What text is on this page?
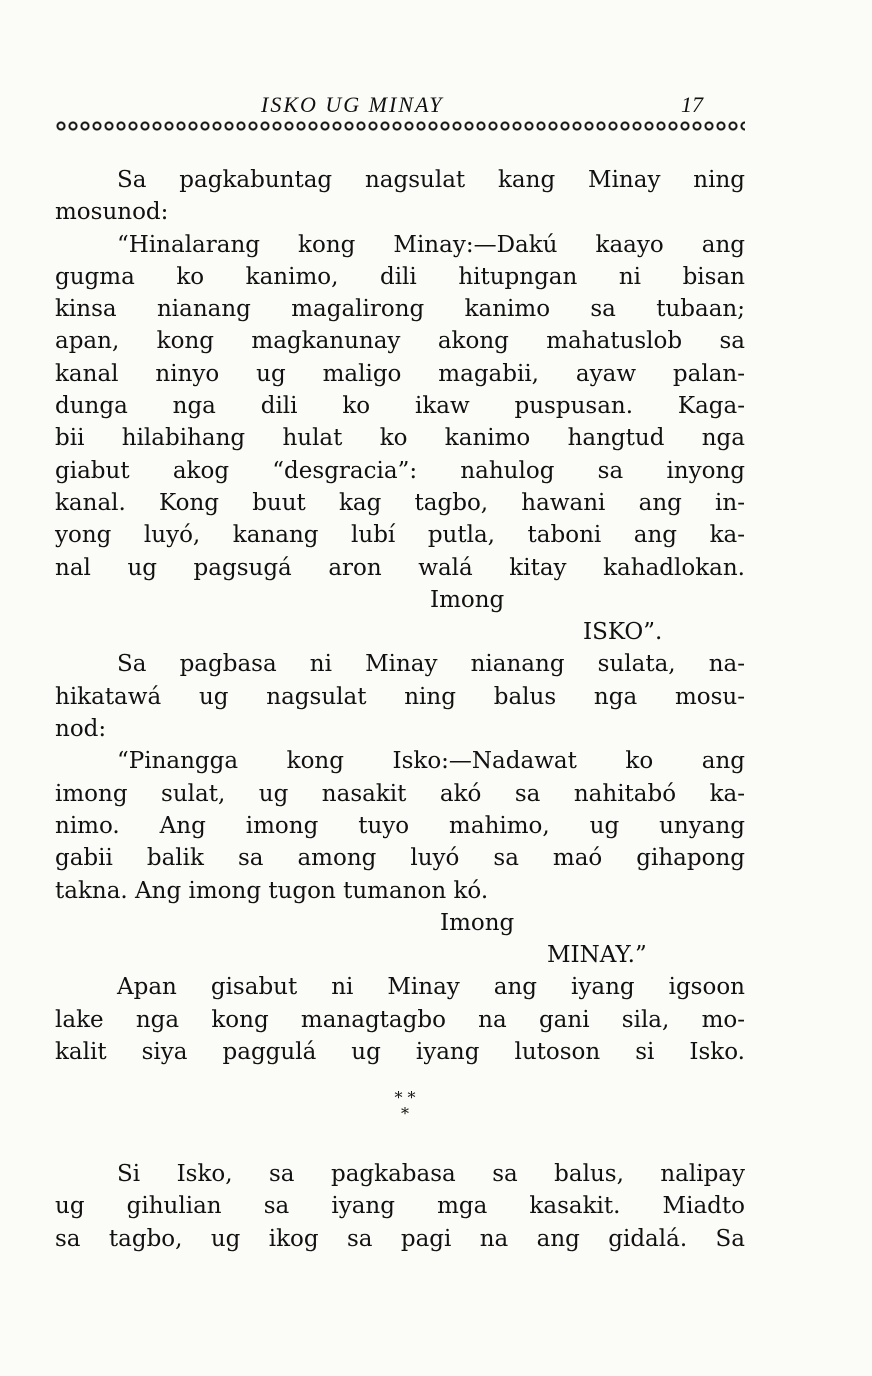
ISKO UG MINAY	17
Sa pagkabuntag nagsulat kang Minay ning
mosunod:
“Hinalarang kong Minay:—Dakú kaayo ang
gugma ko kanimo, dili hitupngan ni bisan
kinsa nianang magalirong kanimo sa tubaan;
apan, kong magkanunay akong mahatuslob sa
kanal ninyo ug maligo magabii, ayaw palan-
dunga nga dili ko ikaw puspusan. Kaga-
bii hilabihang hulat ko kanimo hangtud nga
giabut akog “desgracia”: nahulog sa inyong
kanal. Kong buut kag tagbo, hawani ang in-
yong luyó, kanang lubí putla, taboni ang ka-
nal ug pagsugá aron walá kitay kahadlokan.
Imong
ISKO”.
Sa pagbasa ni Minay nianang sulata, na-
hikatawá ug nagsulat ning balus nga mosu-
nod:
“Pinangga kong Isko:—Nadawat ko ang
imong sulat, ug nasakit akó sa nahitabó ka-
nimo. Ang imong tuyo mahimo, ug unyang
gabii balik sa among luyó sa maó gihapong
takna. Ang imong tugon tumanon kó.
Imong
MINAY.”
Apan gisabut ni Minay ang iyang igsoon
lake nga kong managtagbo na gani sila, mo-
kalit siya paggulá ug iyang lutoson si Isko.
* *
*
Si Isko, sa pagkabasa sa balus, nalipay
ug gihulian sa iyang mga kasakit. Miadto
sa tagbo, ug ikog sa pagi na ang gidalá. Sa
